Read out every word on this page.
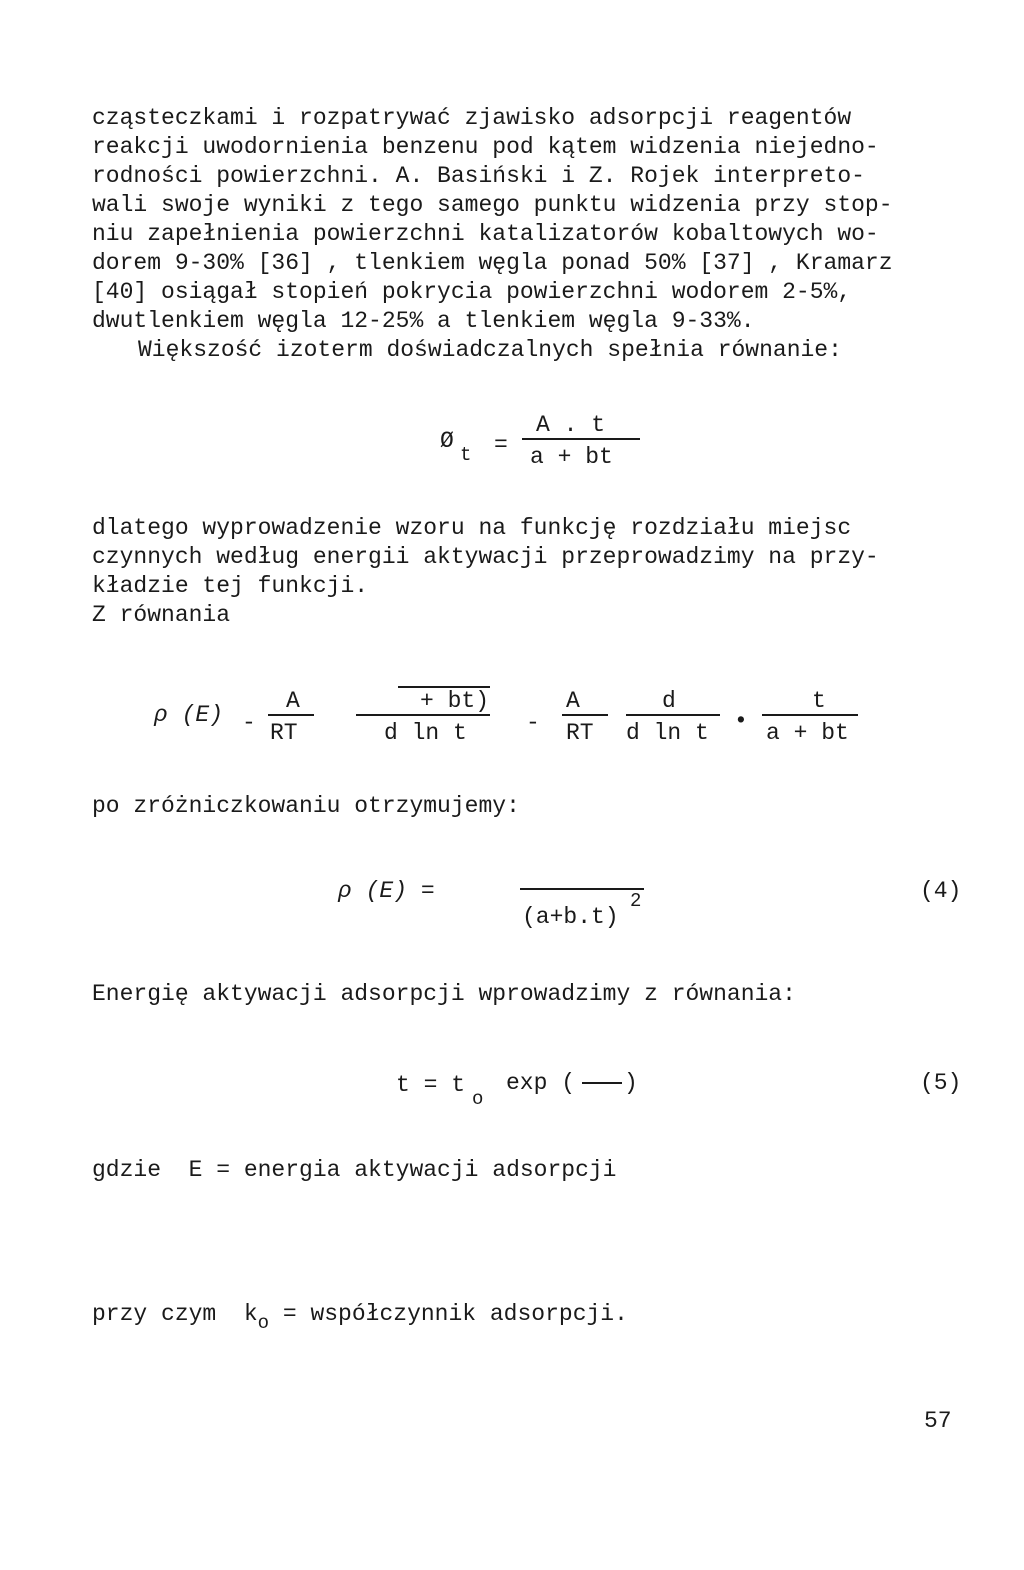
cząsteczkami i rozpatrywać zjawisko adsorpcji reagentów
reakcji uwodornienia benzenu pod kątem widzenia niejedno-
rodności powierzchni. A. Basiński i Z. Rojek interpreto-
wali swoje wyniki z tego samego punktu widzenia przy stop-
niu zapełnienia powierzchni katalizatorów kobaltowych wo-
dorem 9-30% [36] , tlenkiem węgla ponad 50% [37] , Kramarz
[40] osiągał stopień pokrycia powierzchni wodorem 2-5%,
dwutlenkiem węgla 12-25% a tlenkiem węgla 9-33%.
Większość izoterm doświadczalnych spełnia równanie:
Ø
t =
A . t
a + bt
dlatego wyprowadzenie wzoru na funkcję rozdziału miejsc
czynnych według energii aktywacji przeprowadzimy na przy-
kładzie tej funkcji.
Z równania
ρ (E) -
A
RT
+ bt)
d ln t	-
A
RT
d
d ln t •
t
a + bt
po zróżniczkowaniu otrzymujemy:
ρ (E) =
(a+b.t)
2	(4)
Energię aktywacji adsorpcji wprowadzimy z równania:
t = t
o
exp ( )	(5)
gdzie  E = energia aktywacji adsorpcji
przy czym  $k_o$ = współczynnik adsorpcji.
57
